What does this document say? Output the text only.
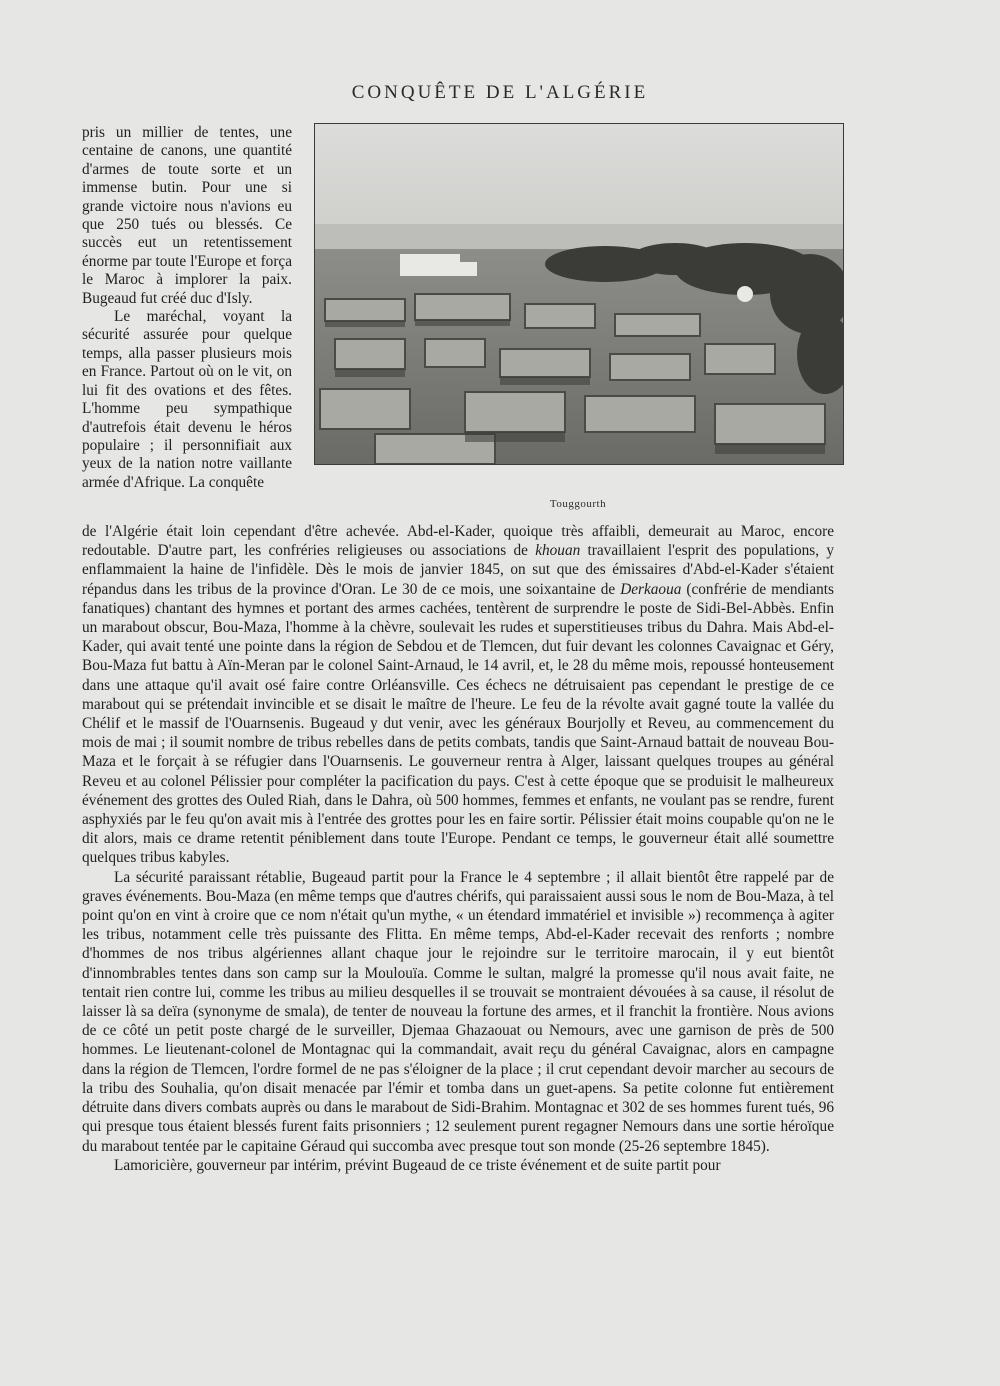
CONQUÊTE DE L'ALGÉRIE
Touggourth

pris un millier de tentes, une centaine de canons, une quantité d'armes de toute sorte et un immense butin. Pour une si grande victoire nous n'avions eu que 250 tués ou blessés. Ce succès eut un retentissement énorme par toute l'Europe et força le Maroc à implorer la paix. Bugeaud fut créé duc d'Isly.

Le maréchal, voyant la sécurité assurée pour quelque temps, alla passer plusieurs mois en France. Partout où on le vit, on lui fit des ovations et des fêtes. L'homme peu sympathique d'autrefois était devenu le héros populaire ; il personnifiait aux yeux de la nation notre vaillante armée d'Afrique. La conquête

de l'Algérie était loin cependant d'être achevée. Abd-el-Kader, quoique très affaibli, demeurait au Maroc, encore redoutable. D'autre part, les confréries religieuses ou associations de khouan travaillaient l'esprit des populations, y enflammaient la haine de l'infidèle. Dès le mois de janvier 1845, on sut que des émissaires d'Abd-el-Kader s'étaient répandus dans les tribus de la province d'Oran. Le 30 de ce mois, une soixantaine de Derkaoua (confrérie de mendiants fanatiques) chantant des hymnes et portant des armes cachées, tentèrent de surprendre le poste de Sidi-Bel-Abbès. Enfin un marabout obscur, Bou-Maza, l'homme à la chèvre, soulevait les rudes et superstitieuses tribus du Dahra. Mais Abd-el-Kader, qui avait tenté une pointe dans la région de Sebdou et de Tlemcen, dut fuir devant les colonnes Cavaignac et Géry, Bou-Maza fut battu à Aïn-Meran par le colonel Saint-Arnaud, le 14 avril, et, le 28 du même mois, repoussé honteusement dans une attaque qu'il avait osé faire contre Orléansville. Ces échecs ne détruisaient pas cependant le prestige de ce marabout qui se prétendait invincible et se disait le maître de l'heure. Le feu de la révolte avait gagné toute la vallée du Chélif et le massif de l'Ouarnsenis. Bugeaud y dut venir, avec les généraux Bourjolly et Reveu, au commencement du mois de mai ; il soumit nombre de tribus rebelles dans de petits combats, tandis que Saint-Arnaud battait de nouveau Bou-Maza et le forçait à se réfugier dans l'Ouarnsenis. Le gouverneur rentra à Alger, laissant quelques troupes au général Reveu et au colonel Pélissier pour compléter la pacification du pays. C'est à cette époque que se produisit le malheureux événement des grottes des Ouled Riah, dans le Dahra, où 500 hommes, femmes et enfants, ne voulant pas se rendre, furent asphyxiés par le feu qu'on avait mis à l'entrée des grottes pour les en faire sortir. Pélissier était moins coupable qu'on ne le dit alors, mais ce drame retentit péniblement dans toute l'Europe. Pendant ce temps, le gouverneur était allé soumettre quelques tribus kabyles.

La sécurité paraissant rétablie, Bugeaud partit pour la France le 4 septembre ; il allait bientôt être rappelé par de graves événements. Bou-Maza (en même temps que d'autres chérifs, qui paraissaient aussi sous le nom de Bou-Maza, à tel point qu'on en vint à croire que ce nom n'était qu'un mythe, « un étendard immatériel et invisible ») recommença à agiter les tribus, notamment celle très puissante des Flitta. En même temps, Abd-el-Kader recevait des renforts ; nombre d'hommes de nos tribus algériennes allant chaque jour le rejoindre sur le territoire marocain, il y eut bientôt d'innombrables tentes dans son camp sur la Moulouïa. Comme le sultan, malgré la promesse qu'il nous avait faite, ne tentait rien contre lui, comme les tribus au milieu desquelles il se trouvait se montraient dévouées à sa cause, il résolut de laisser là sa deïra (synonyme de smala), de tenter de nouveau la fortune des armes, et il franchit la frontière. Nous avions de ce côté un petit poste chargé de le surveiller, Djemaa Ghazaouat ou Nemours, avec une garnison de près de 500 hommes. Le lieutenant-colonel de Montagnac qui la commandait, avait reçu du général Cavaignac, alors en campagne dans la région de Tlemcen, l'ordre formel de ne pas s'éloigner de la place ; il crut cependant devoir marcher au secours de la tribu des Souhalia, qu'on disait menacée par l'émir et tomba dans un guet-apens. Sa petite colonne fut entièrement détruite dans divers combats auprès ou dans le marabout de Sidi-Brahim. Montagnac et 302 de ses hommes furent tués, 96 qui presque tous étaient blessés furent faits prisonniers ; 12 seulement purent regagner Nemours dans une sortie héroïque du marabout tentée par le capitaine Géraud qui succomba avec presque tout son monde (25-26 septembre 1845).

Lamoricière, gouverneur par intérim, prévint Bugeaud de ce triste événement et de suite partit pour
